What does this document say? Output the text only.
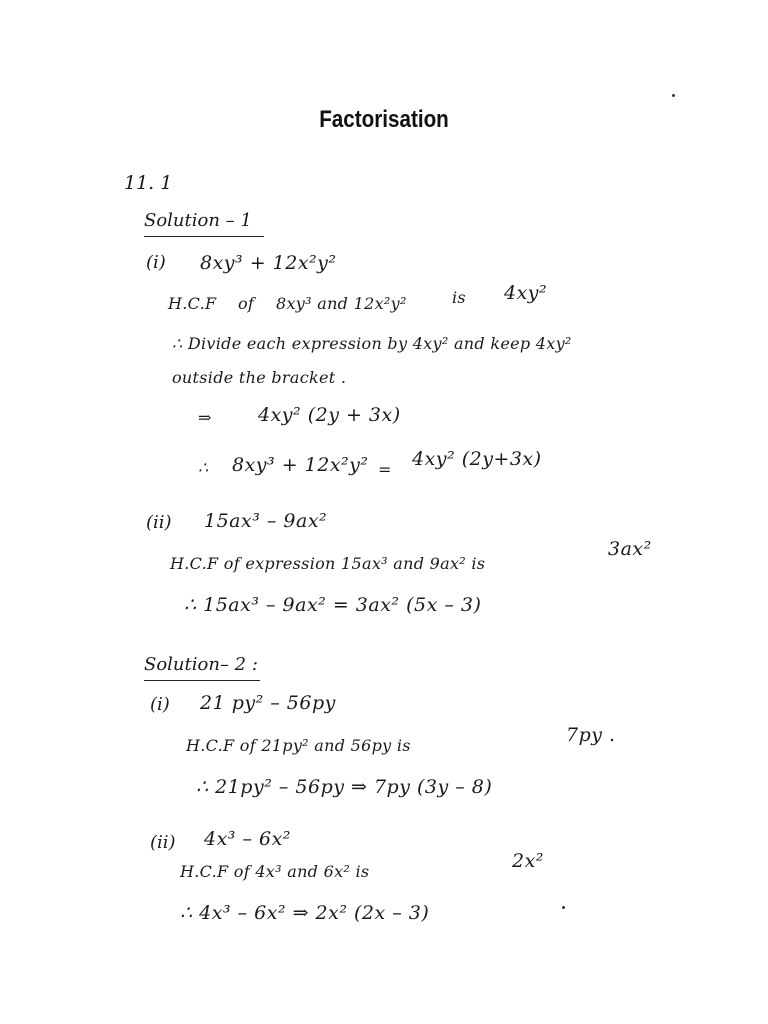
Factorisation
11. 1
Solution – 1
(i) 8xy³ + 12x²y²
H.C.F of 8xy³ and 12x²y²	is 4xy²
∴ Divide each expression by 4xy² and keep 4xy²
outside the bracket .
⇒ 4xy² (2y + 3x)
∴ 8xy³ + 12x²y² = 4xy² (2y+3x)
(ii) 15ax³ – 9ax²
H.C.F of expression 15ax³ and 9ax² is
3ax²
∴ 15ax³ – 9ax² = 3ax² (5x – 3)
Solution– 2 :
(i) 21 py² – 56py
H.C.F of 21py² and 56py is	7py .
∴ 21py² – 56py ⇒ 7py (3y – 8)
(ii) 4x³ – 6x²
H.C.F of 4x³ and 6x² is	2x²
∴ 4x³ – 6x² ⇒ 2x² (2x – 3)
